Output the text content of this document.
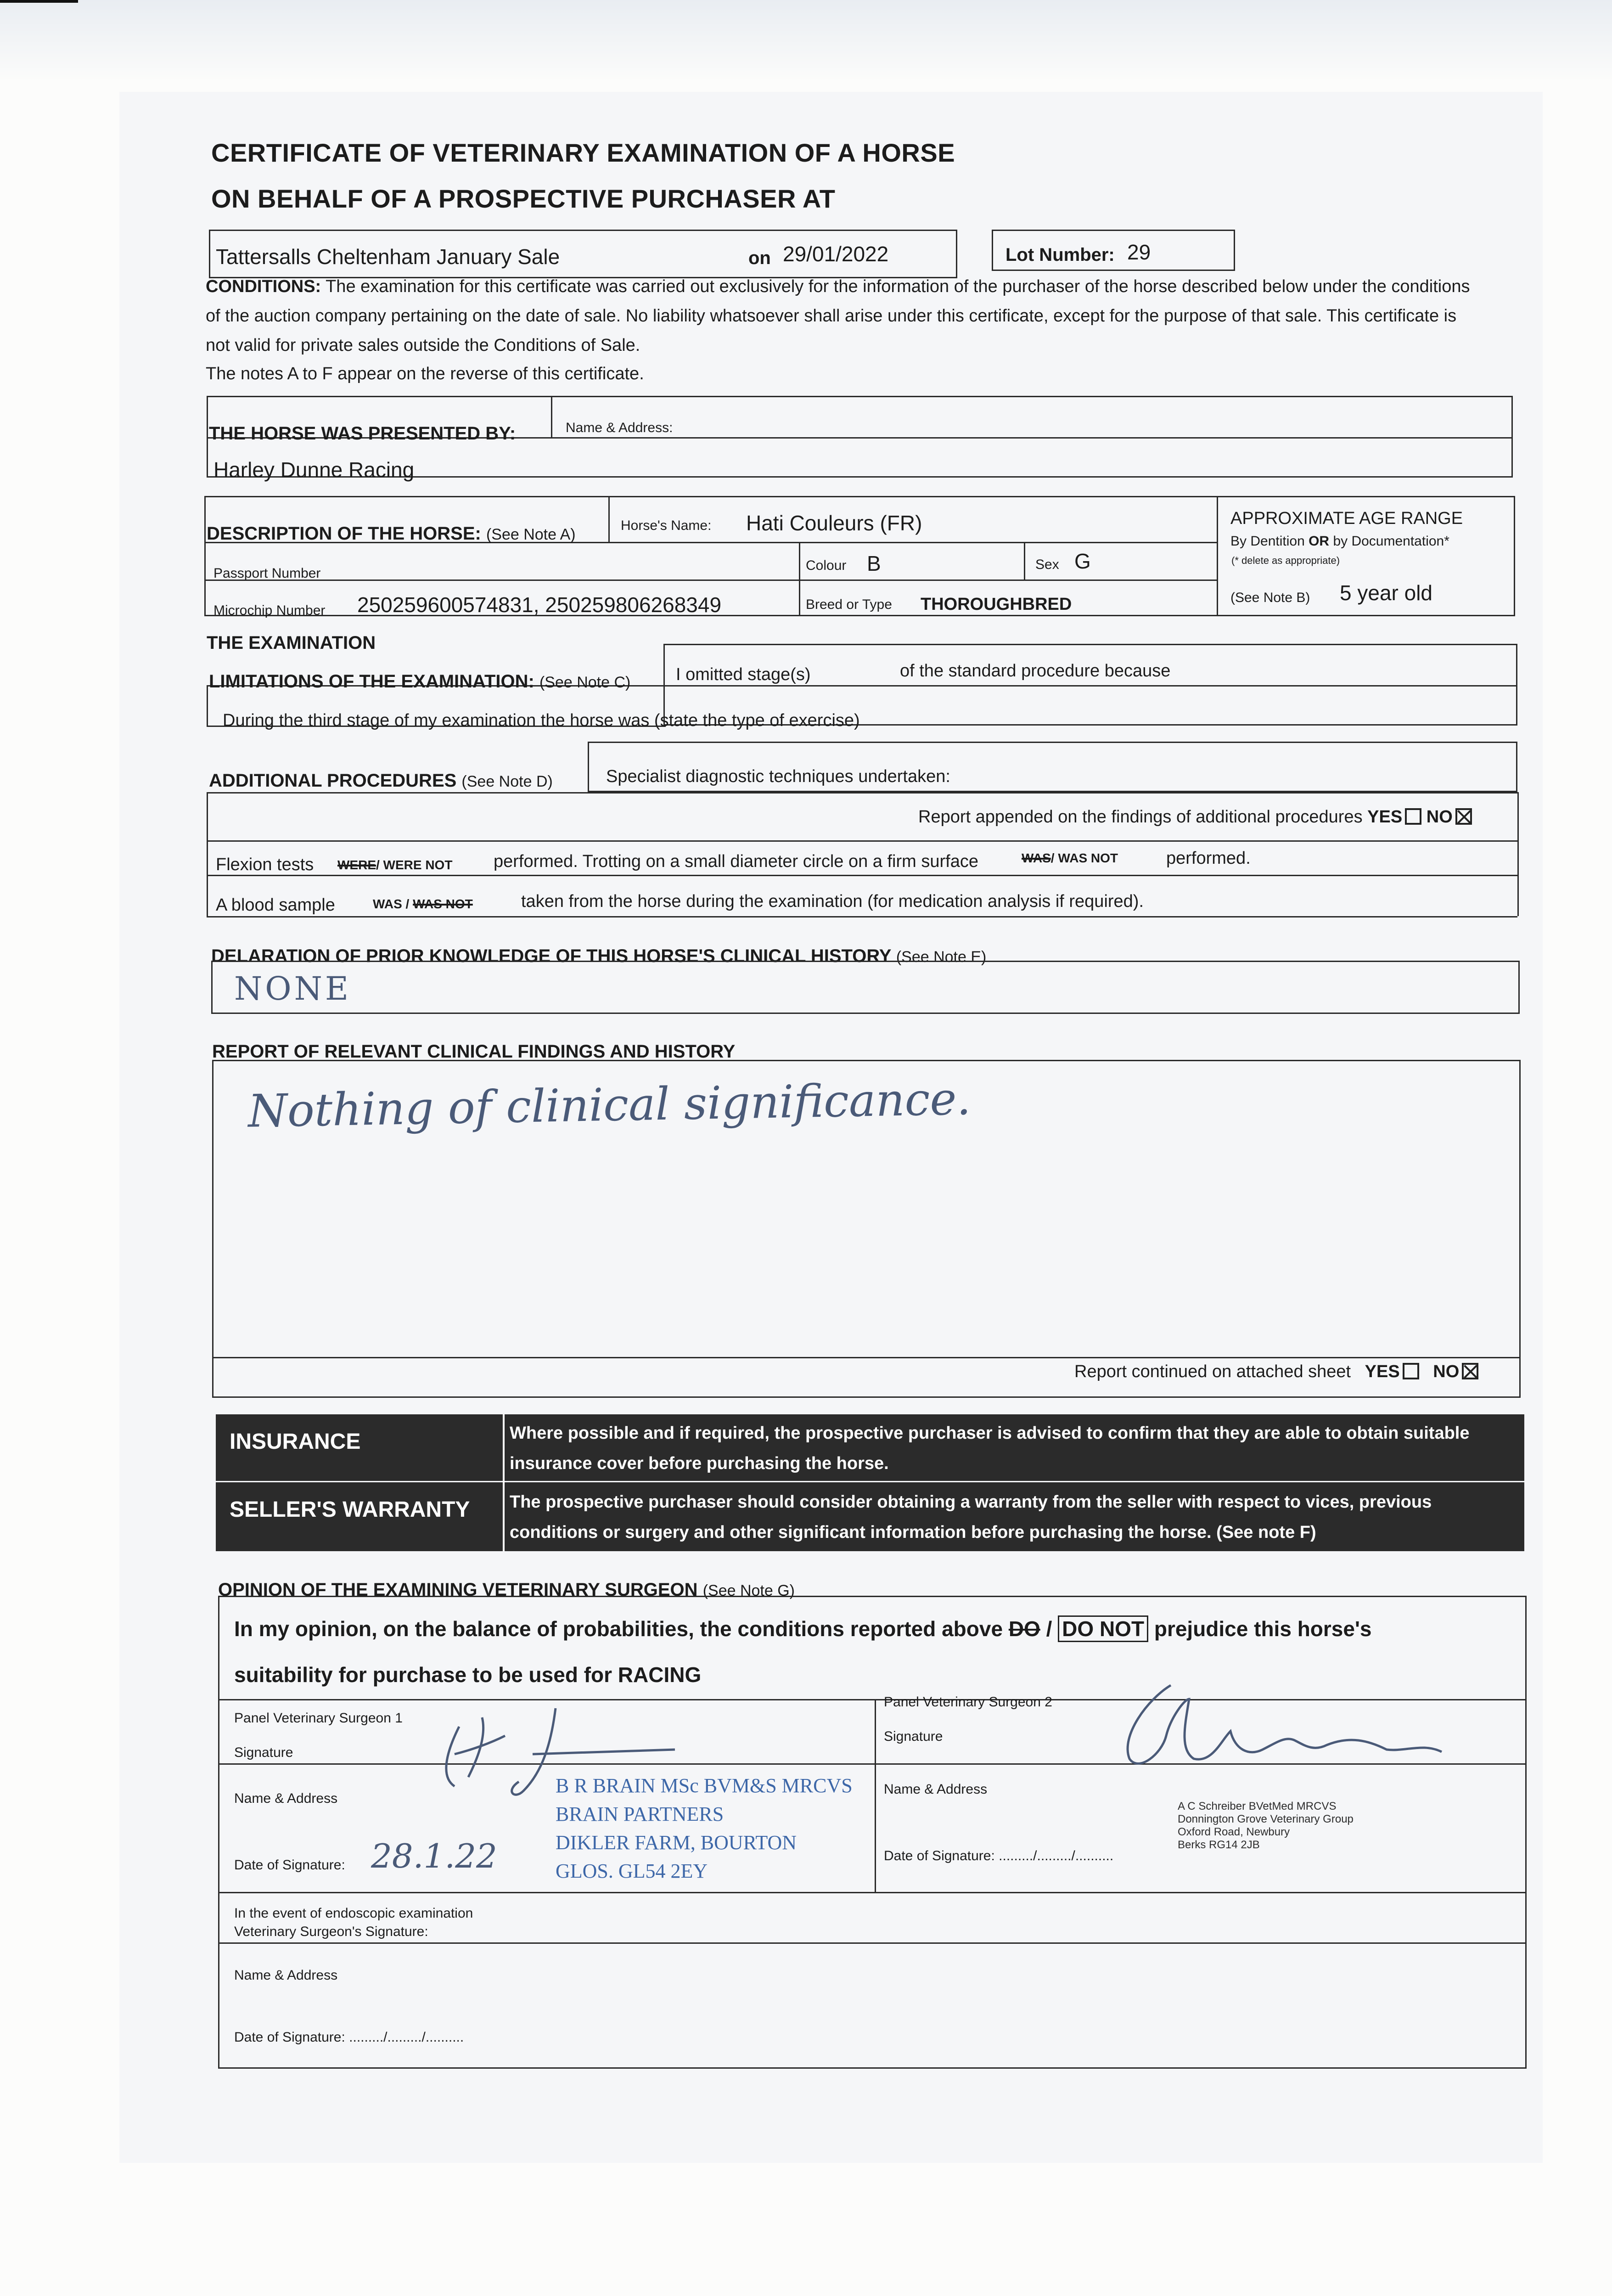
CERTIFICATE OF VETERINARY EXAMINATION OF A HORSE
ON BEHALF OF A PROSPECTIVE PURCHASER AT
Tattersalls Cheltenham January Sale	on 29/01/2022	Lot Number: 29
CONDITIONS: The examination for this certificate was carried out exclusively for the information of the purchaser of the horse described below under the conditions of the auction company pertaining on the date of sale. No liability whatsoever shall arise under this certificate, except for the purpose of that sale. This certificate is not valid for private sales outside the Conditions of Sale.
The notes A to F appear on the reverse of this certificate.
THE HORSE WAS PRESENTED BY:	Name & Address:
Harley Dunne Racing
DESCRIPTION OF THE HORSE: (See Note A)
Horse's Name: Hati Couleurs (FR)
Passport Number
Colour B	Sex G
Microchip Number 250259600574831, 250259806268349	Breed or Type THOROUGHBRED
APPROXIMATE AGE RANGE
By Dentition OR by Documentation*
(* delete as appropriate)
(See Note B) 5 year old
THE EXAMINATION
LIMITATIONS OF THE EXAMINATION: (See Note C)	I omitted stage(s)	of the standard procedure because
During the third stage of my examination the horse was (state the type of exercise)
ADDITIONAL PROCEDURES (See Note D)	Specialist diagnostic techniques undertaken:
Report appended on the findings of additional procedures YES NO
Flexion tests WERE/ WERE NOT performed. Trotting on a small diameter circle on a firm surface	WAS/ WAS NOT	performed.
A blood sample	WAS / WAS NOT	taken from the horse during the examination (for medication analysis if required).
DELARATION OF PRIOR KNOWLEDGE OF THIS HORSE'S CLINICAL HISTORY (See Note E)
NONE
REPORT OF RELEVANT CLINICAL FINDINGS AND HISTORY
Nothing of clinical significance.
Report continued on attached sheet YES NO
INSURANCE	Where possible and if required, the prospective purchaser is advised to confirm that they are able to obtain suitable insurance cover before purchasing the horse.
SELLER'S WARRANTY The prospective purchaser should consider obtaining a warranty from the seller with respect to vices, previous conditions or surgery and other significant information before purchasing the horse. (See note F)
OPINION OF THE EXAMINING VETERINARY SURGEON (See Note G)
In my opinion, on the balance of probabilities, the conditions reported above DO / DO NOT prejudice this horse's
suitability for purchase to be used for RACING
Panel Veterinary Surgeon 1
Signature
Name & Address
Date of Signature: 28.1.22
B R BRAIN MSc BVM&S MRCVS
BRAIN PARTNERS
DIKLER FARM, BOURTON
GLOS. GL54 2EY
Panel Veterinary Surgeon 2
Signature
Name & Address
Date of Signature: ........./........./..........
A C Schreiber BVetMed MRCVS
Donnington Grove Veterinary Group
Oxford Road, Newbury
Berks RG14 2JB
In the event of endoscopic examination
Veterinary Surgeon's Signature:
Name & Address
Date of Signature: ........./........./..........
